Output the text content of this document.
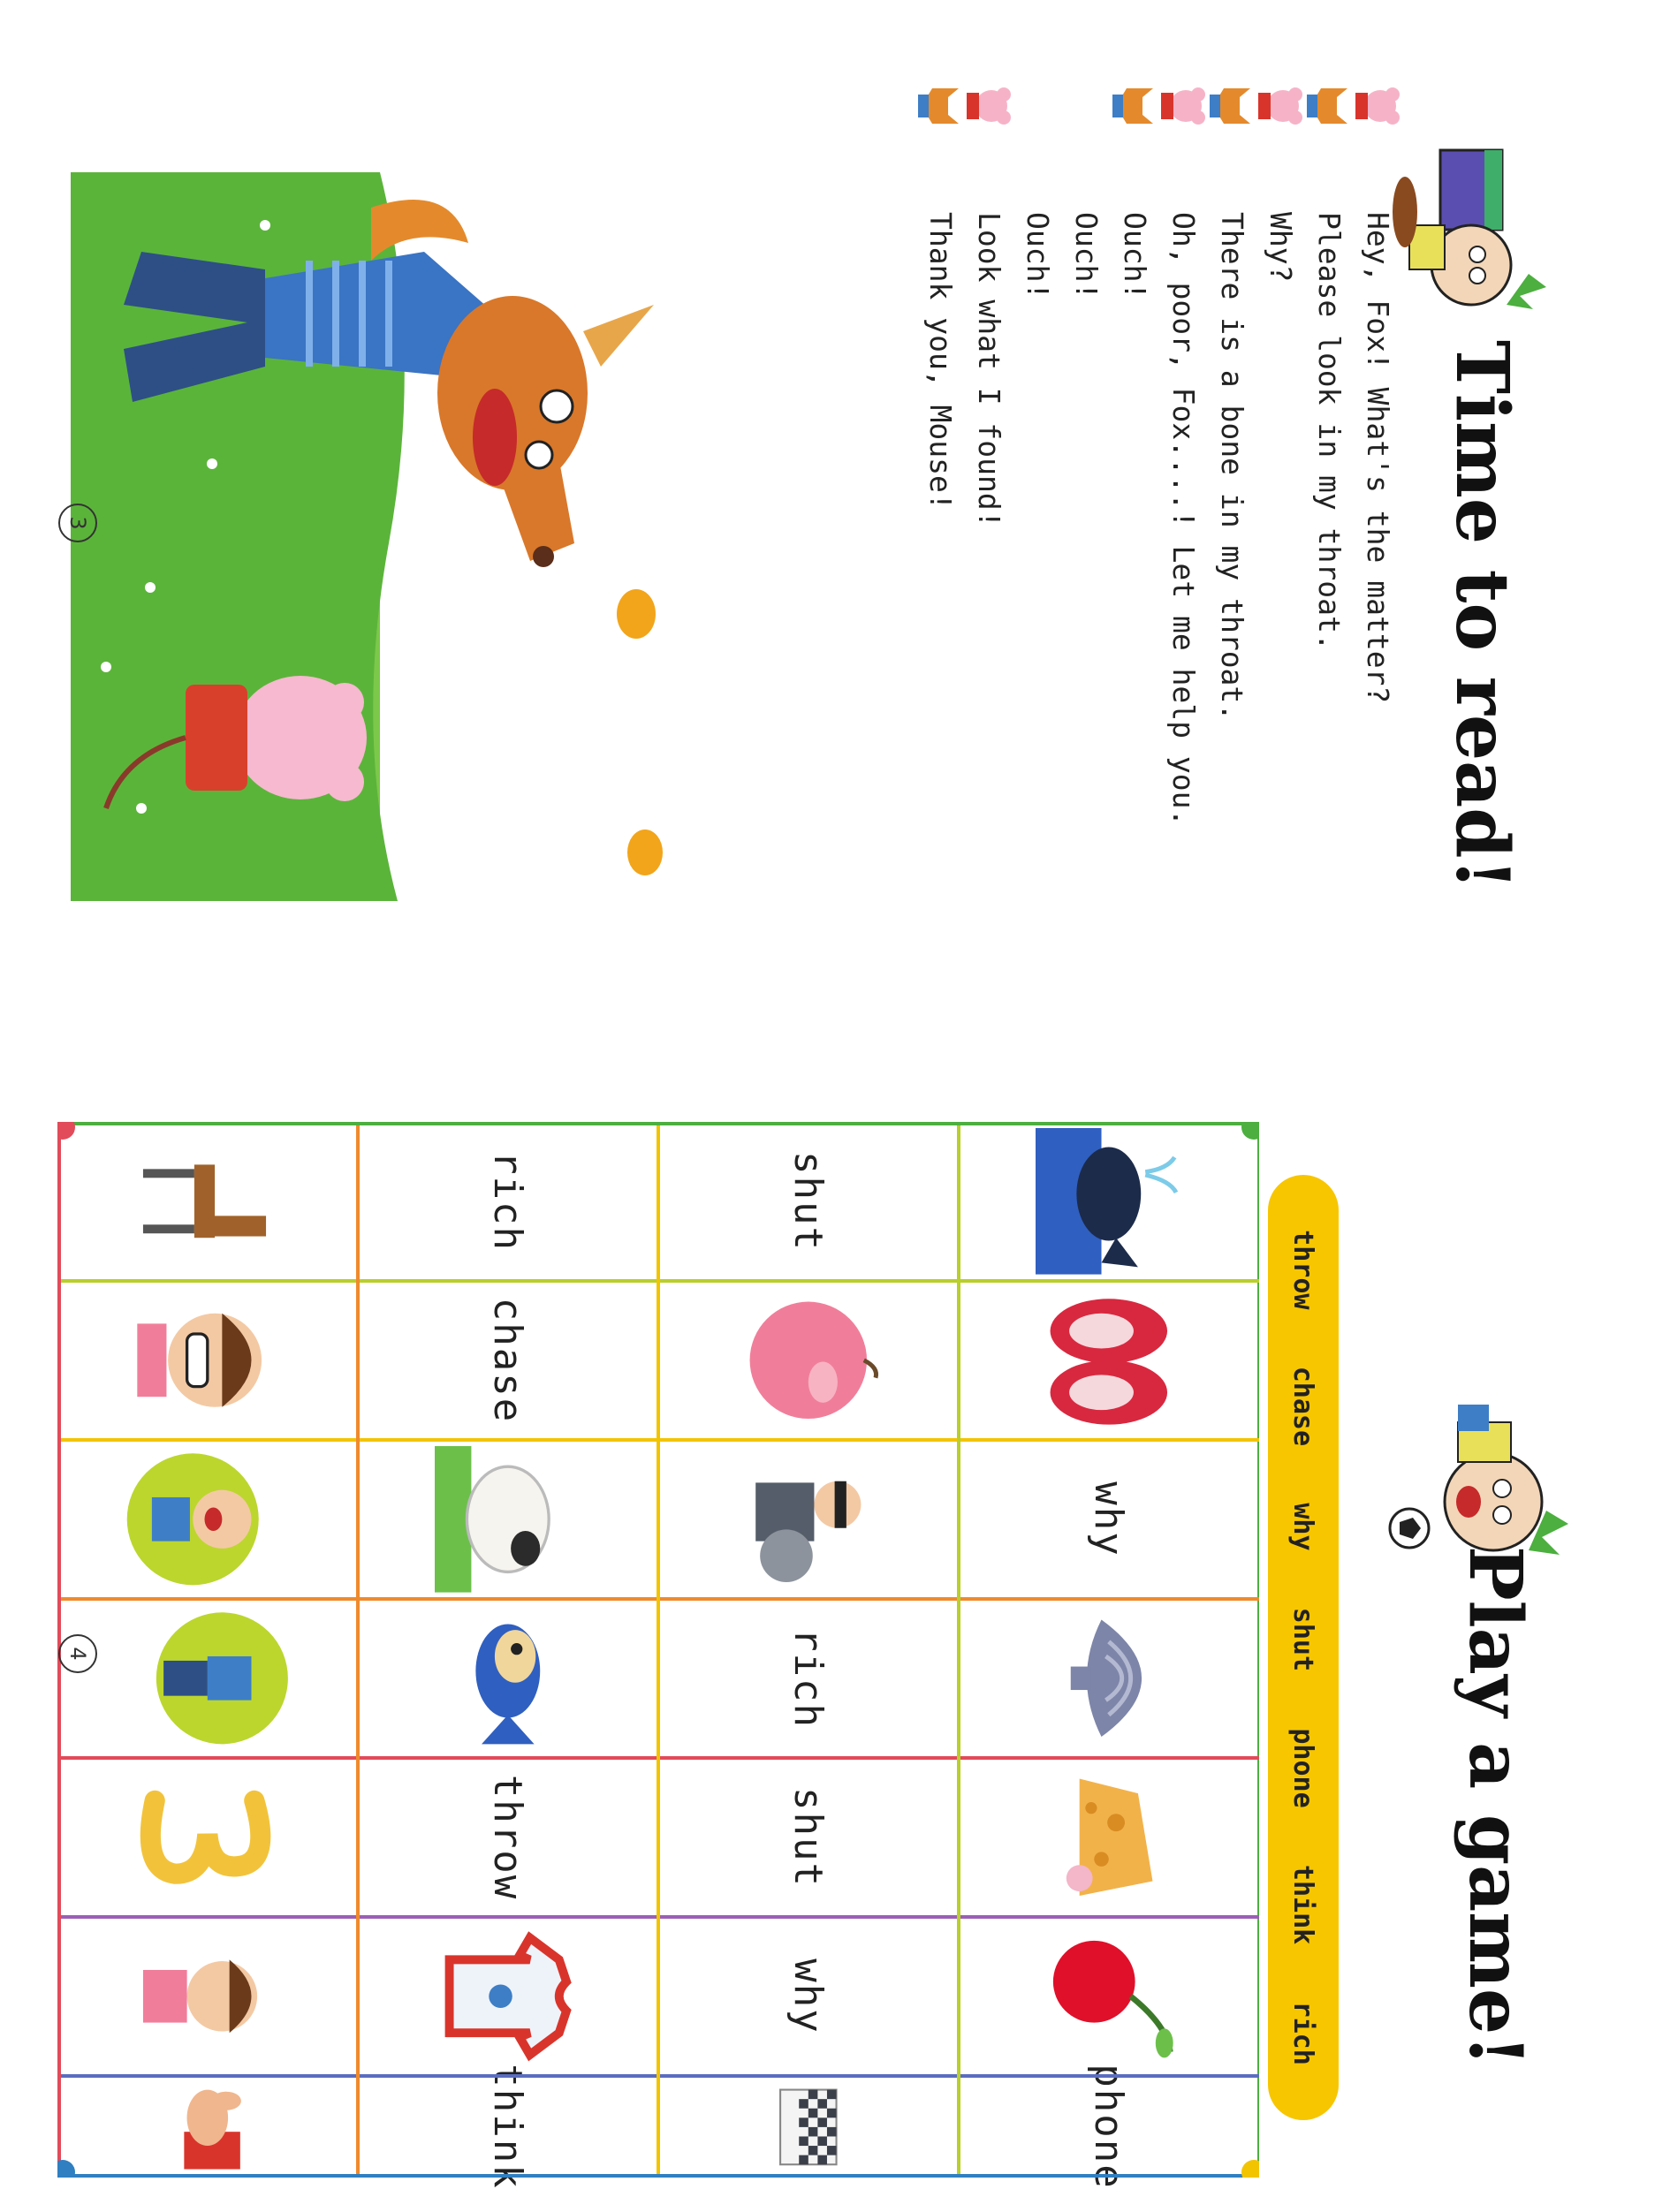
Time to read!
Hey, Fox! What's the matter?
Please look in my throat.
Why?
There is a bone in my throat.
Oh, poor, Fox....! Let me help you.
Ouch!
Ouch!
Ouch!
Look what I found!
Thank you, Mouse!
3
Play a game!
throw
chase
why
shut
phone
think
rich
shut
rich
chase
why
rich
shut
throw
why
phone
think
4
